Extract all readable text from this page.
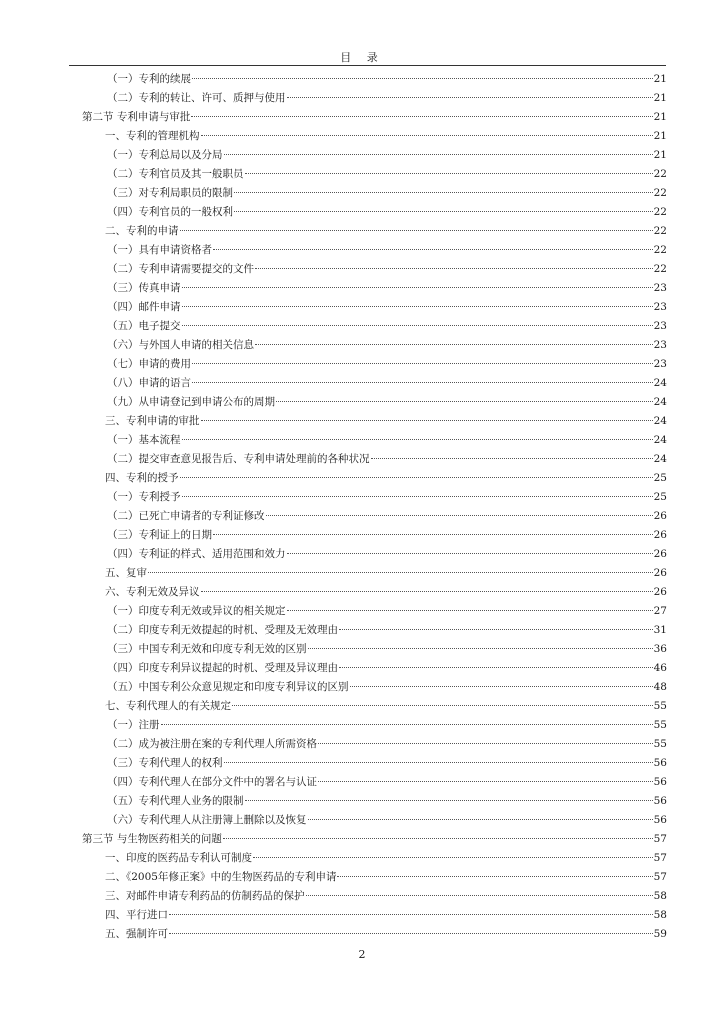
目 录
（一）专利的续展	21
（二）专利的转让、许可、质押与使用	21
第二节 专利申请与审批	21
一、专利的管理机构	21
（一）专利总局以及分局	21
（二）专利官员及其一般职员	22
（三）对专利局职员的限制	22
（四）专利官员的一般权利	22
二、专利的申请	22
（一）具有申请资格者	22
（二）专利申请需要提交的文件	22
（三）传真申请	23
（四）邮件申请	23
（五）电子提交	23
（六）与外国人申请的相关信息	23
（七）申请的费用	23
（八）申请的语言	24
（九）从申请登记到申请公布的周期	24
三、专利申请的审批	24
（一）基本流程	24
（二）提交审查意见报告后、专利申请处理前的各种状况	24
四、专利的授予	25
（一）专利授予	25
（二）已死亡申请者的专利证修改	26
（三）专利证上的日期	26
（四）专利证的样式、适用范围和效力	26
五、复审	26
六、专利无效及异议	26
（一）印度专利无效或异议的相关规定	27
（二）印度专利无效提起的时机、受理及无效理由	31
（三）中国专利无效和印度专利无效的区别	36
（四）印度专利异议提起的时机、受理及异议理由	46
（五）中国专利公众意见规定和印度专利异议的区别	48
七、专利代理人的有关规定	55
（一）注册	55
（二）成为被注册在案的专利代理人所需资格	55
（三）专利代理人的权利	56
（四）专利代理人在部分文件中的署名与认证	56
（五）专利代理人业务的限制	56
（六）专利代理人从注册簿上删除以及恢复	56
第三节 与生物医药相关的问题	57
一、印度的医药品专利认可制度	57
二、《2005年修正案》中的生物医药品的专利申请	57
三、对邮件申请专利药品的仿制药品的保护	58
四、平行进口	58
五、强制许可	59
2
